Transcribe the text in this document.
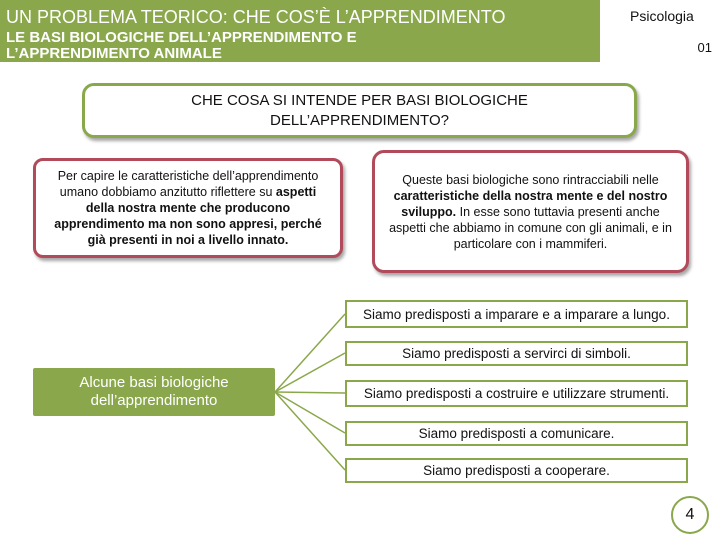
UN PROBLEMA TEORICO: CHE COS’È L’APPRENDIMENTO
LE BASI BIOLOGICHE DELL’APPRENDIMENTO E
L’APPRENDIMENTO ANIMALE
Psicologia
01
CHE COSA SI INTENDE PER BASI BIOLOGICHE
DELL’APPRENDIMENTO?
Per capire le caratteristiche dell’apprendimento umano dobbiamo anzitutto riflettere su aspetti della nostra mente che producono apprendimento ma non sono appresi, perché già presenti in noi a livello innato.
Queste basi biologiche sono rintracciabili nelle caratteristiche della nostra mente e del nostro sviluppo. In esse sono tuttavia presenti anche aspetti che abbiamo in comune con gli animali, e in particolare con i mammiferi.
Alcune basi biologiche dell’apprendimento
Siamo predisposti a imparare e a imparare a lungo.
Siamo predisposti a servirci di simboli.
Siamo predisposti a costruire e utilizzare strumenti.
Siamo predisposti a comunicare.
Siamo predisposti a cooperare.
4
